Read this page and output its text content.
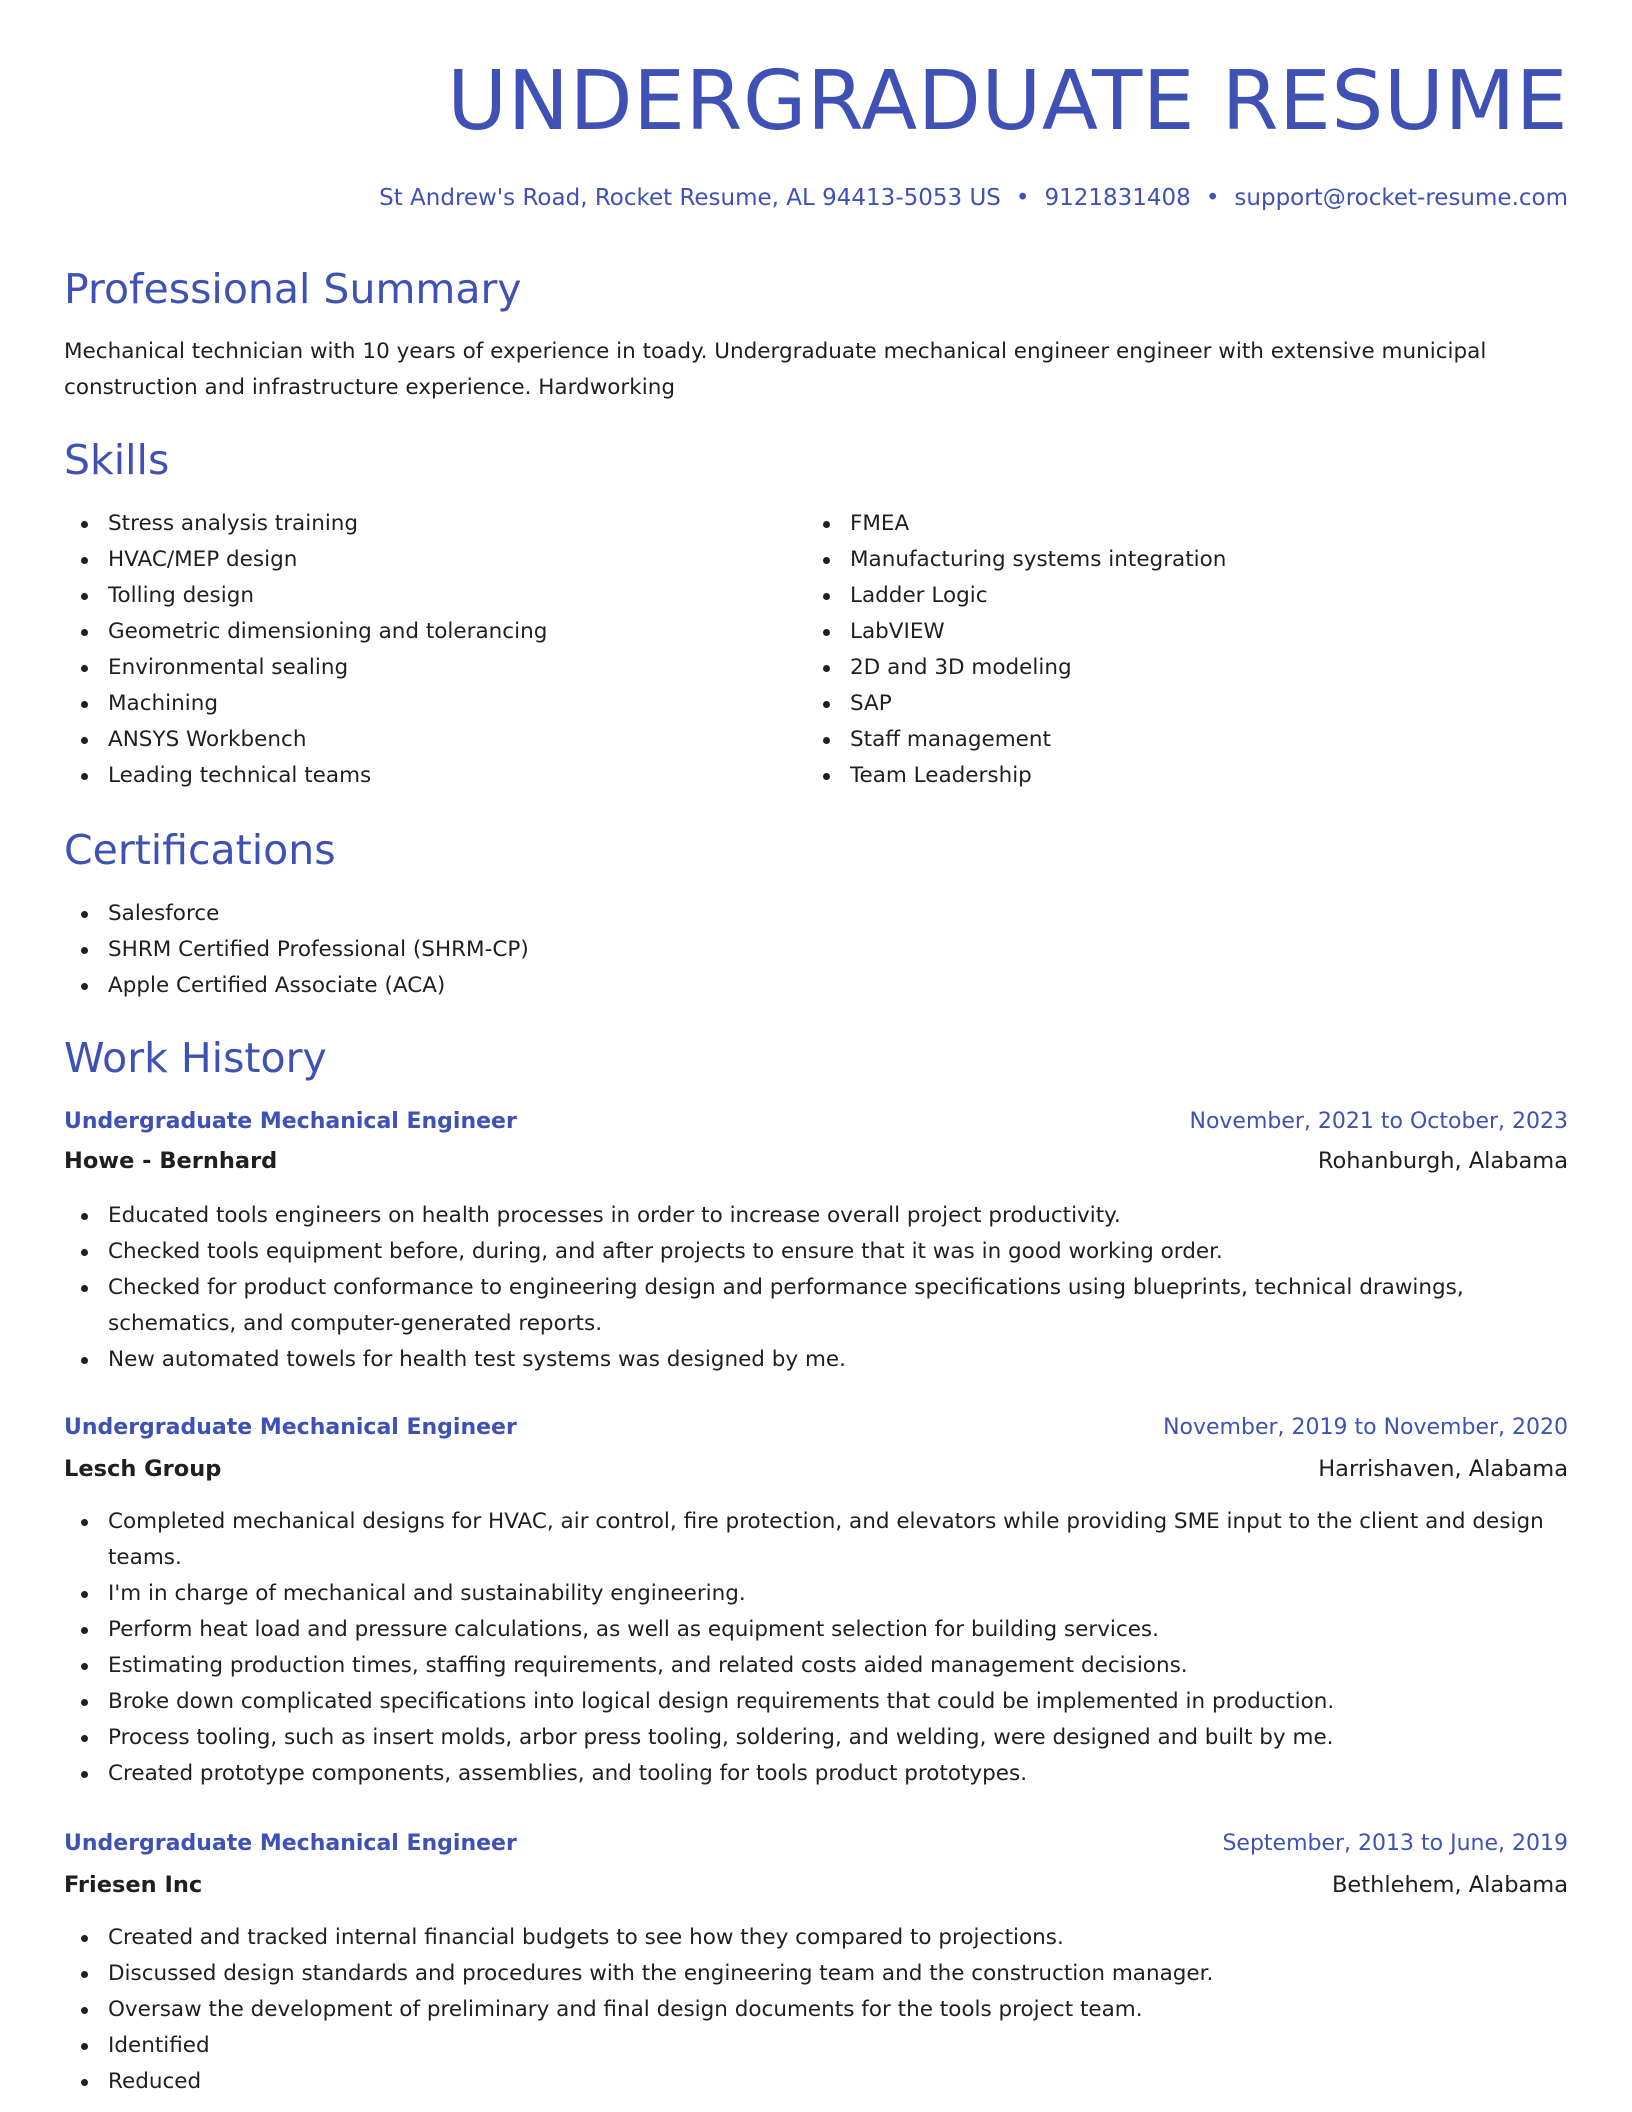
UNDERGRADUATE RESUME
St Andrew's Road, Rocket Resume, AL 94413-5053 US • 9121831408 • support@rocket-resume.com
Professional Summary

Mechanical technician with 10 years of experience in toady. Undergraduate mechanical engineer engineer with extensive municipal construction and infrastructure experience. Hardworking

Skills
Stress analysis training
HVAC/MEP design
Tolling design
Geometric dimensioning and tolerancing
Environmental sealing
Machining
ANSYS Workbench
Leading technical teams
FMEA
Manufacturing systems integration
Ladder Logic
LabVIEW
2D and 3D modeling
SAP
Staff management
Team Leadership
Certifications
Salesforce
SHRM Certified Professional (SHRM-CP)
Apple Certified Associate (ACA)
Work History
Undergraduate Mechanical Engineer	November, 2021 to October, 2023
Howe - Bernhard	Rohanburgh, Alabama
Educated tools engineers on health processes in order to increase overall project productivity.
Checked tools equipment before, during, and after projects to ensure that it was in good working order.
Checked for product conformance to engineering design and performance specifications using blueprints, technical drawings, schematics, and computer-generated reports.
New automated towels for health test systems was designed by me.
Undergraduate Mechanical Engineer	November, 2019 to November, 2020
Lesch Group	Harrishaven, Alabama
Completed mechanical designs for HVAC, air control, fire protection, and elevators while providing SME input to the client and design teams.
I'm in charge of mechanical and sustainability engineering.
Perform heat load and pressure calculations, as well as equipment selection for building services.
Estimating production times, staffing requirements, and related costs aided management decisions.
Broke down complicated specifications into logical design requirements that could be implemented in production.
Process tooling, such as insert molds, arbor press tooling, soldering, and welding, were designed and built by me.
Created prototype components, assemblies, and tooling for tools product prototypes.
Undergraduate Mechanical Engineer	September, 2013 to June, 2019
Friesen Inc	Bethlehem, Alabama
Created and tracked internal financial budgets to see how they compared to projections.
Discussed design standards and procedures with the engineering team and the construction manager.
Oversaw the development of preliminary and final design documents for the tools project team.
Identified
Reduced
